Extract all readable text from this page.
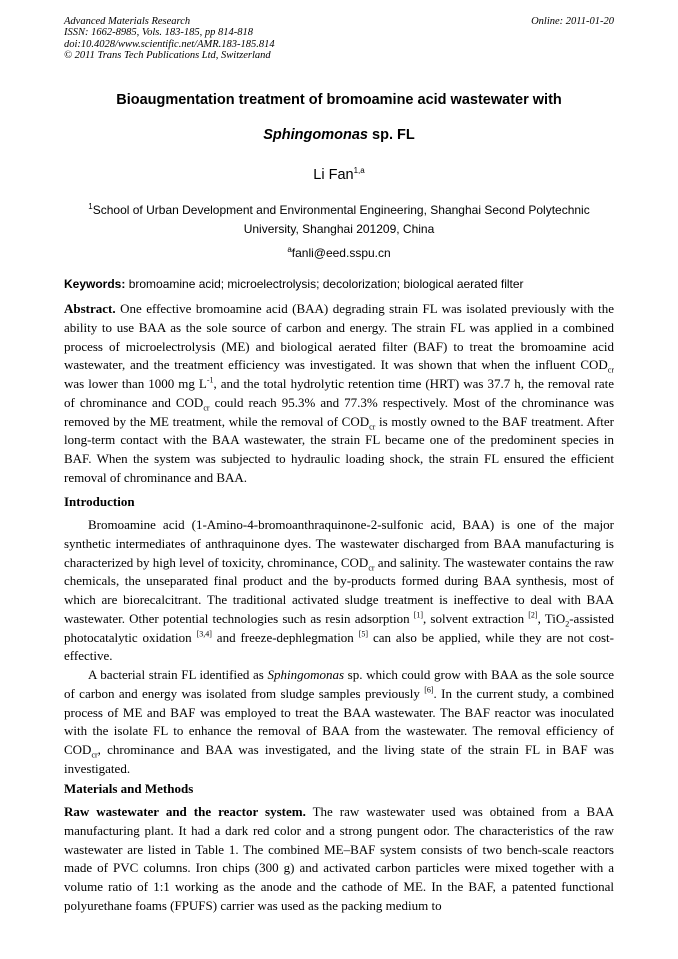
Advanced Materials Research
ISSN: 1662-8985, Vols. 183-185, pp 814-818
doi:10.4028/www.scientific.net/AMR.183-185.814
© 2011 Trans Tech Publications Ltd, Switzerland
Online: 2011-01-20
Bioaugmentation treatment of bromoamine acid wastewater with
Sphingomonas sp. FL
Li Fan$^{1,a}$
$^1$School of Urban Development and Environmental Engineering, Shanghai Second Polytechnic
University, Shanghai 201209, China
$^a$fanli@eed.sspu.cn
Keywords: bromoamine acid; microelectrolysis; decolorization; biological aerated filter
Abstract. One effective bromoamine acid (BAA) degrading strain FL was isolated previously with the ability to use BAA as the sole source of carbon and energy. The strain FL was applied in a combined process of microelectrolysis (ME) and biological aerated filter (BAF) to treat the bromoamine acid wastewater, and the treatment efficiency was investigated. It was shown that when the influent $COD_{cr}$ was lower than 1000 mg $L^{-1}$, and the total hydrolytic retention time (HRT) was 37.7 h, the removal rate of chrominance and $COD_{cr}$ could reach 95.3% and 77.3% respectively. Most of the chrominance was removed by the ME treatment, while the removal of $COD_{cr}$ is mostly owned to the BAF treatment. After long-term contact with the BAA wastewater, the strain FL became one of the predominent species in BAF. When the system was subjected to hydraulic loading shock, the strain FL ensured the efficient removal of chrominance and BAA.
Introduction
Bromoamine acid (1-Amino-4-bromoanthraquinone-2-sulfonic acid, BAA) is one of the major synthetic intermediates of anthraquinone dyes. The wastewater discharged from BAA manufacturing is characterized by high level of toxicity, chrominance, $COD_{cr}$ and salinity. The wastewater contains the raw chemicals, the unseparated final product and the by-products formed during BAA synthesis, most of which are biorecalcitrant. The traditional activated sludge treatment is ineffective to deal with BAA wastewater. Other potential technologies such as resin adsorption [1], solvent extraction [2], TiO$_2$-assisted photocatalytic oxidation [3,4] and freeze-dephlegmation [5] can also be applied, while they are not cost-effective.
A bacterial strain FL identified as Sphingomonas sp. which could grow with BAA as the sole source of carbon and energy was isolated from sludge samples previously [6]. In the current study, a combined process of ME and BAF was employed to treat the BAA wastewater. The BAF reactor was inoculated with the isolate FL to enhance the removal of BAA from the wastewater. The removal efficiency of $COD_{cr}$, chrominance and BAA was investigated, and the living state of the strain FL in BAF was investigated.
Materials and Methods
Raw wastewater and the reactor system. The raw wastewater used was obtained from a BAA manufacturing plant. It had a dark red color and a strong pungent odor. The characteristics of the raw wastewater are listed in Table 1. The combined ME–BAF system consists of two bench-scale reactors made of PVC columns. Iron chips (300 g) and activated carbon particles were mixed together with a volume ratio of 1:1 working as the anode and the cathode of ME. In the BAF, a patented functional polyurethane foams (FPUFS) carrier was used as the packing medium to
